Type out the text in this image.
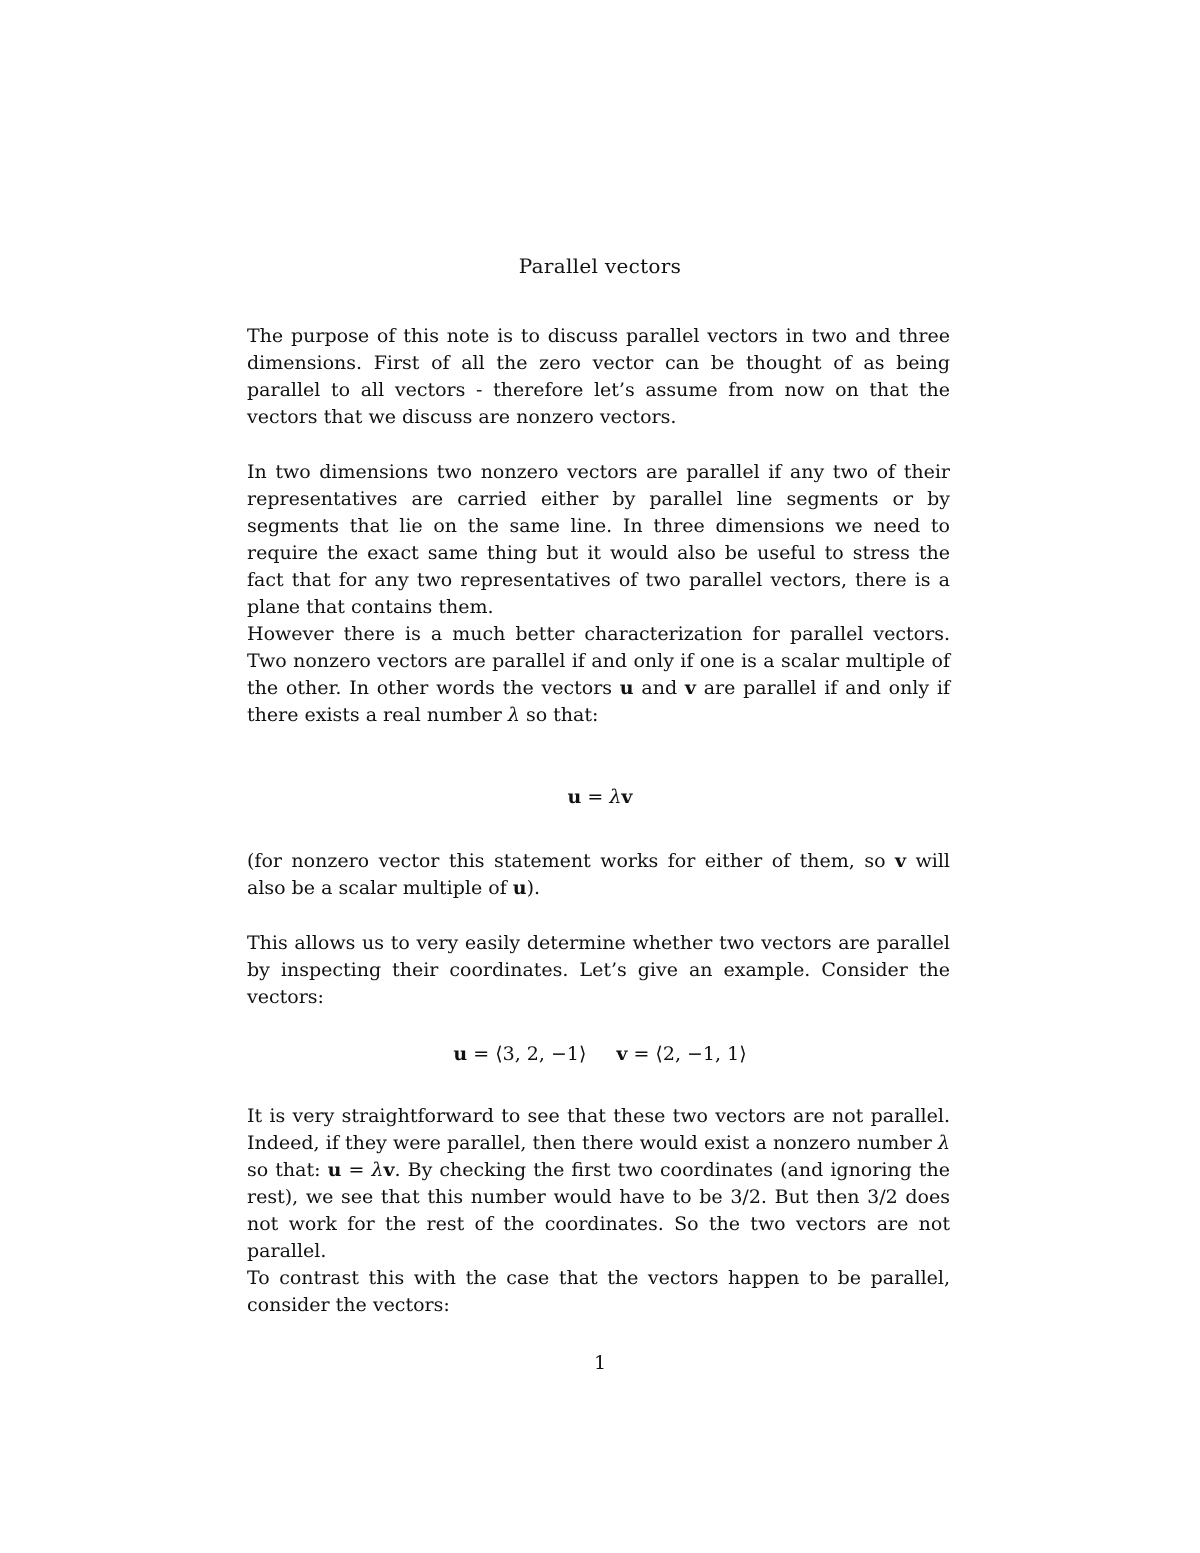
Parallel vectors
The purpose of this note is to discuss parallel vectors in two and three dimensions. First of all the zero vector can be thought of as being parallel to all vectors - therefore let’s assume from now on that the vectors that we discuss are nonzero vectors.
In two dimensions two nonzero vectors are parallel if any two of their representatives are carried either by parallel line segments or by segments that lie on the same line. In three dimensions we need to require the exact same thing but it would also be useful to stress the fact that for any two representatives of two parallel vectors, there is a plane that contains them.
However there is a much better characterization for parallel vectors. Two nonzero vectors are parallel if and only if one is a scalar multiple of the other. In other words the vectors u and v are parallel if and only if there exists a real number λ so that:
u = λv
(for nonzero vector this statement works for either of them, so v will also be a scalar multiple of u).
This allows us to very easily determine whether two vectors are parallel by inspecting their coordinates. Let’s give an example. Consider the vectors:
u = ⟨3, 2, −1⟩ v = ⟨2, −1, 1⟩
It is very straightforward to see that these two vectors are not parallel. Indeed, if they were parallel, then there would exist a nonzero number λ so that: u = λv. By checking the first two coordinates (and ignoring the rest), we see that this number would have to be 3/2. But then 3/2 does not work for the rest of the coordinates. So the two vectors are not parallel.
To contrast this with the case that the vectors happen to be parallel, consider the vectors:
1
